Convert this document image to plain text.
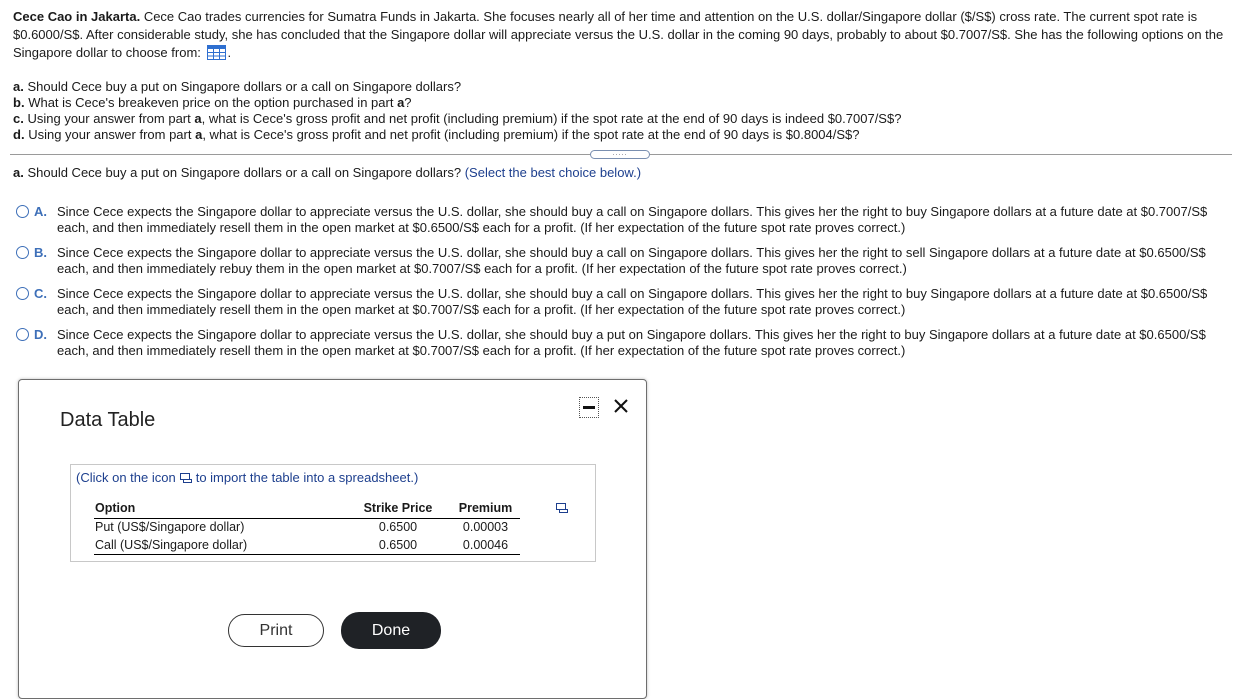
Cece Cao in Jakarta. Cece Cao trades currencies for Sumatra Funds in Jakarta. She focuses nearly all of her time and attention on the U.S. dollar/Singapore dollar ($/S$) cross rate. The current spot rate is $0.6000/S$. After considerable study, she has concluded that the Singapore dollar will appreciate versus the U.S. dollar in the coming 90 days, probably to about $0.7007/S$. She has the following options on the Singapore dollar to choose from: .
a. Should Cece buy a put on Singapore dollars or a call on Singapore dollars?
b. What is Cece's breakeven price on the option purchased in part a?
c. Using your answer from part a, what is Cece's gross profit and net profit (including premium) if the spot rate at the end of 90 days is indeed $0.7007/S$?
d. Using your answer from part a, what is Cece's gross profit and net profit (including premium) if the spot rate at the end of 90 days is $0.8004/S$?
.....
a. Should Cece buy a put on Singapore dollars or a call on Singapore dollars? (Select the best choice below.)
A. Since Cece expects the Singapore dollar to appreciate versus the U.S. dollar, she should buy a call on Singapore dollars. This gives her the right to buy Singapore dollars at a future date at $0.7007/S$ each, and then immediately resell them in the open market at $0.6500/S$ each for a profit. (If her expectation of the future spot rate proves correct.)
B. Since Cece expects the Singapore dollar to appreciate versus the U.S. dollar, she should buy a call on Singapore dollars. This gives her the right to sell Singapore dollars at a future date at $0.6500/S$ each, and then immediately rebuy them in the open market at $0.7007/S$ each for a profit. (If her expectation of the future spot rate proves correct.)
C. Since Cece expects the Singapore dollar to appreciate versus the U.S. dollar, she should buy a call on Singapore dollars. This gives her the right to buy Singapore dollars at a future date at $0.6500/S$ each, and then immediately resell them in the open market at $0.7007/S$ each for a profit. (If her expectation of the future spot rate proves correct.)
D. Since Cece expects the Singapore dollar to appreciate versus the U.S. dollar, she should buy a put on Singapore dollars. This gives her the right to buy Singapore dollars at a future date at $0.6500/S$ each, and then immediately resell them in the open market at $0.7007/S$ each for a profit. (If her expectation of the future spot rate proves correct.)
Data Table
(Click on the icon to import the table into a spreadsheet.)
Option	Strike Price	Premium
Put (US$/Singapore dollar)	0.6500	0.00003
Call (US$/Singapore dollar)	0.6500	0.00046
Print	Done
